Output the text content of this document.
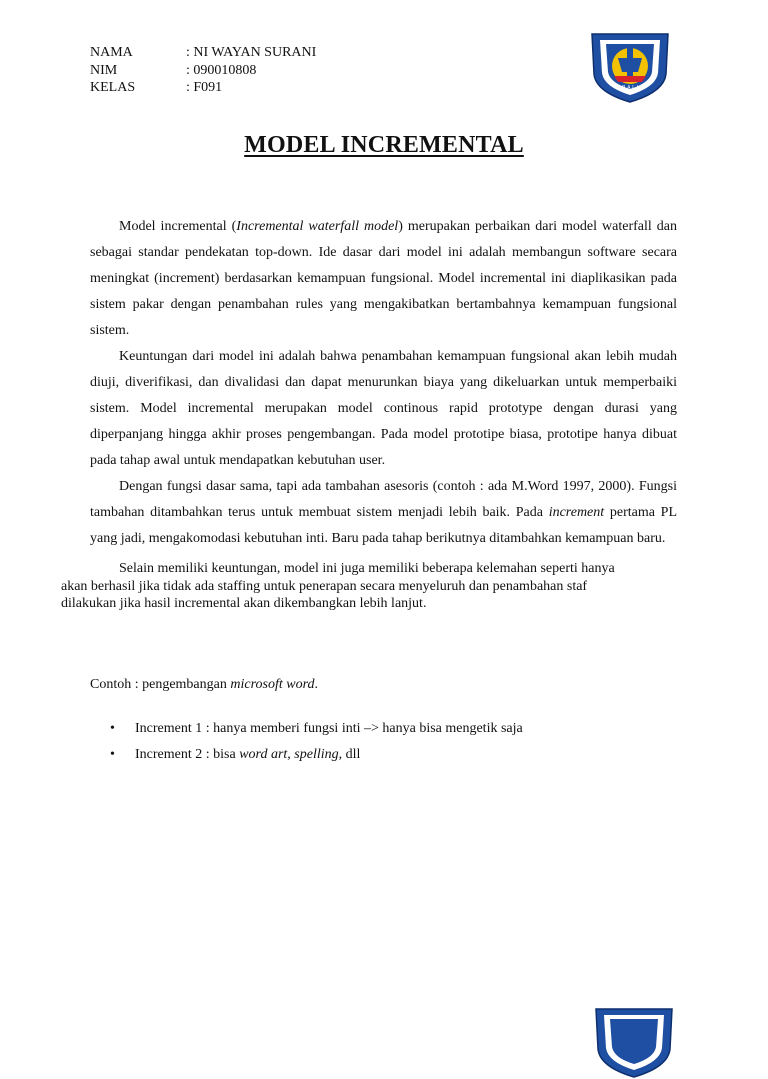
NAMA	: NI WAYAN SURANI
NIM	: 090010808
KELAS	: F091	B A L I
MODEL INCREMENTAL

Model incremental (Incremental waterfall model) merupakan perbaikan dari model waterfall dan sebagai standar pendekatan top-down. Ide dasar dari model ini adalah membangun software secara meningkat (increment) berdasarkan kemampuan fungsional. Model incremental ini diaplikasikan pada sistem pakar dengan penambahan rules yang mengakibatkan bertambahnya kemampuan fungsional sistem.

Keuntungan dari model ini adalah bahwa penambahan kemampuan fungsional akan lebih mudah diuji, diverifikasi, dan divalidasi dan dapat menurunkan biaya yang dikeluarkan untuk memperbaiki sistem. Model incremental merupakan model continous rapid prototype dengan durasi yang diperpanjang hingga akhir proses pengembangan. Pada model prototipe biasa, prototipe hanya dibuat pada tahap awal untuk mendapatkan kebutuhan user.

Dengan fungsi dasar sama, tapi ada tambahan asesoris (contoh : ada M.Word 1997, 2000). Fungsi tambahan ditambahkan terus untuk membuat sistem menjadi lebih baik. Pada increment pertama PL yang jadi, mengakomodasi kebutuhan inti. Baru pada tahap berikutnya ditambahkan kemampuan baru.

Selain memiliki keuntungan, model ini juga memiliki beberapa kelemahan seperti hanya
akan berhasil jika tidak ada staffing untuk penerapan secara menyeluruh dan penambahan staf
dilakukan jika hasil incremental akan dikembangkan lebih lanjut.

Contoh : pengembangan microsoft word.
• Increment 1 : hanya memberi fungsi inti –> hanya bisa mengetik saja
• Increment 2 : bisa word art, spelling, dll
